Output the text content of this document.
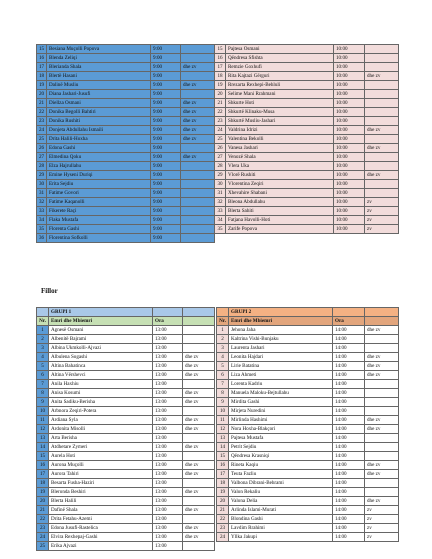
15	Besiana Muçolli Popova	9:00	
16	Blenda Zeliqi	9:00	
17	Blerianda Shala	9:00	dhe zv
18	Blertë Hasani	9:00	
19	Dalinë Musliu	9:00	dhe zv
20	Diana Jashari-Jusufi	9:00	
21	Diellza Osmani	9:00	dhe zv
22	Donika Begolli Bahtiri	9:00	dhe zv
23	Donika Rushiti	9:00	dhe zv
24	Donjeta Abdullahu Ismaili	9:00	dhe zv
25	Drita Halili-Hoxha	9:00	dhe zv
26	Edona Gashi	9:00	
27	Elmedina Qoku	9:00	dhe zv
28	Elza Hajrullahu	9:00	
29	Emine Hyseni Duriqi	9:00	
30	Erita Sejdiu	9:00	
31	Fatime Govori	9:00	
32	Fatime Kaqanolli	9:00	
33	Fikerete Raçi	9:00	
34	Flaka Mustafa	9:00	
35	Florenta Gashi	9:00	
36	Florentina Sofkolli	9:00	
15	Pajtesa Osmani	10:00	
16	Qëndresa Sfishta	10:00	
17	Remzie Goxhufi	10:00	
18	Rita Kajtazi Gërguri	10:00	dhe zv
19	Rrezarta Rexhepi-Behluli	10:00	
20	Selime Mani Rrahmani	10:00	
21	Shkurte Hoti	10:00	
22	Shkurtë Klinaku-Musa	10:00	
23	Shkurtë Musliu-Jashari	10:00	
24	Valdrina Idrizi	10:00	dhe zv
25	Valentina Bekolli	10:00	
26	Vanesa Jashari	10:00	dhe zv
27	Venozë Shala	10:00	
28	Vlera Uka	10:00	
29	Vlorë Rushiti	10:00	dhe zv
30	Vlorentina Zeqiri	10:00	
31	Xhevahire Shabani	10:00	
32	Bleona Abdullahu	10:00	zv
33	Blerta Sahiti	10:00	zv
34	Fatjana Havolli-Hoti	10:00	zv
35	Zarife Popova	10:00	zv
Fillor
	GRUPI 1		
Nr.	Emri dhe Mbiemri	Ora	
1	Agnesë Osmani	13:00	
2	Albenitë Bajrami	13:00	
3	Albina Ukmkolli-Ajvazi	13:00	
4	Albulena Sogashi	13:00	dhe zv
5	Altina Bahatinca	13:00	dhe zv
6	Altina Vërshevci	13:00	dhe zv
7	Anila Haxhiu	13:00	
8	Anisa Kosumi	13:00	dhe zv
9	Anita Sadiku-Berisha	13:00	dhe zv
10	Arbnora Zeqiri-Potera	13:00	
11	Ardiana Syla	13:00	dhe zv
12	Ardonita Misolli	13:00	dhe zv
13	Arta Berisha	13:00	
14	Atdhetare Zymeri	13:00	dhe zv
15	Aurela Hoti	13:00	
16	Aurona Muçolli	13:00	dhe zv
17	Aurora Tahiri	13:00	dhe zv
18	Besarta Fusha-Haziri	13:00	
19	Bleronda Beshiri	13:00	dhe zv
20	Blerta Halili	13:00	
21	Dafinë Shala	13:00	dhe zv
22	Drita Fetahu-Azemi	13:00	
23	Edona Jusufi-Rastelica	13:00	dhe zv
24	Elvira Rexhepaj-Gashi	13:00	dhe zv
25	Erika Ajvazi	13:00	
	GRUPI 2		
Nr.	Emri dhe Mbiemri	Ora	
1	Jehona Jaha	14:00	dhe zv
2	Kaltrina Vishi-Bunjaku	14:00	
3	Laurenta Jashari	14:00	
4	Leonita Hajdari	14:00	dhe zv
5	Lirie Batatina	14:00	dhe zv
6	Liza Ahmeti	14:00	dhe zv
7	Lorenta Kadriu	14:00	
8	Manuela Maloku-Bejtullahu	14:00	
9	Mirdita Gashi	14:00	
10	Mirjeta Nuredini	14:00	
11	Mirlinda Hashimi	14:00	dhe zv
12	Nora Hoxha-Blakçori	14:00	dhe zv
13	Pajtesa Mustafa	14:00	
14	Petrit Sejdiu	14:00	
15	Qëndresa Krasniqi	14:00	
16	Rineta Kaqiu	14:00	dhe zv
17	Teuta Fazliu	14:00	dhe zv
18	Valbona Dibrani-Behrami	14:00	
19	Valon Rekaliu	14:00	
20	Valona Delia	14:00	dhe zv
21	Arlinda Islami-Murati	14:00	zv
22	Blondina Gashi	14:00	zv
23	Lavdim Rrahimi	14:00	zv
24	Yllka Jakupi	14:00	zv
